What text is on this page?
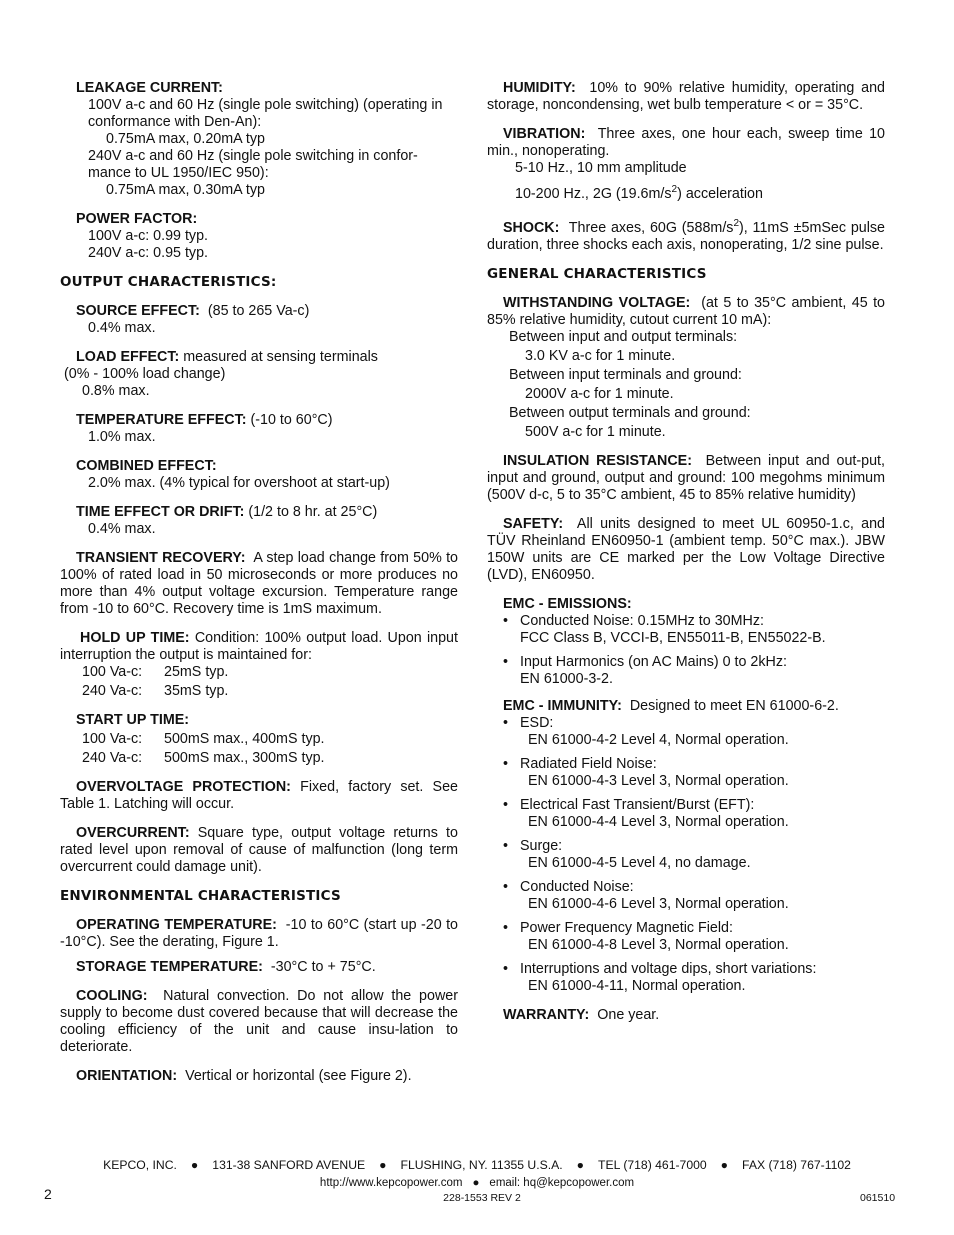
LEAKAGE CURRENT:

100V a-c and 60 Hz (single pole switching) (operating in conformance with Den-An):

0.75mA max, 0.20mA typ

240V a-c and 60 Hz (single pole switching in confor-mance to UL 1950/IEC 950):

0.75mA max, 0.30mA typ

POWER FACTOR:

100V a-c: 0.99 typ.

240V a-c: 0.95 typ.

OUTPUT CHARACTERISTICS:

SOURCE EFFECT: (85 to 265 Va-c)

0.4% max.

LOAD EFFECT: measured at sensing terminals

(0% - 100% load change)

0.8% max.

TEMPERATURE EFFECT: (-10 to 60°C)

1.0% max.

COMBINED EFFECT:

2.0% max. (4% typical for overshoot at start-up)

TIME EFFECT OR DRIFT: (1/2 to 8 hr. at 25°C)

0.4% max.

TRANSIENT RECOVERY: A step load change from 50% to 100% of rated load in 50 microseconds or more produces no more than 4% output voltage excursion. Temperature range from -10 to 60°C. Recovery time is 1mS maximum.

HOLD UP TIME: Condition: 100% output load. Upon input interruption the output is maintained for:

100 Va-c: 25mS typ.

240 Va-c: 35mS typ.

START UP TIME:

100 Va-c: 500mS max., 400mS typ.

240 Va-c: 500mS max., 300mS typ.

OVERVOLTAGE PROTECTION: Fixed, factory set. See Table 1. Latching will occur.

OVERCURRENT: Square type, output voltage returns to rated level upon removal of cause of malfunction (long term overcurrent could damage unit).

ENVIRONMENTAL CHARACTERISTICS

OPERATING TEMPERATURE: -10 to 60°C (start up -20 to -10°C). See the derating, Figure 1.

STORAGE TEMPERATURE: -30°C to + 75°C.

COOLING: Natural convection. Do not allow the power supply to become dust covered because that will decrease the cooling efficiency of the unit and cause insu-lation to deteriorate.

ORIENTATION: Vertical or horizontal (see Figure 2).

HUMIDITY: 10% to 90% relative humidity, operating and storage, noncondensing, wet bulb temperature < or = 35°C.

VIBRATION: Three axes, one hour each, sweep time 10 min., nonoperating.

5-10 Hz., 10 mm amplitude

10-200 Hz., 2G $(19.6m/s^2)$ acceleration

SHOCK: Three axes, 60G $(588m/s^2)$, 11mS ±5mSec pulse duration, three shocks each axis, nonoperating, 1/2 sine pulse.

GENERAL CHARACTERISTICS

WITHSTANDING VOLTAGE: (at 5 to 35°C ambient, 45 to 85% relative humidity, cutout current 10 mA):

Between input and output terminals:

3.0 KV a-c for 1 minute.

Between input terminals and ground:

2000V a-c for 1 minute.

Between output terminals and ground:

500V a-c for 1 minute.

INSULATION RESISTANCE: Between input and out-put, input and ground, output and ground: 100 megohms minimum (500V d-c, 5 to 35°C ambient, 45 to 85% relative humidity)

SAFETY: All units designed to meet UL 60950-1.c, and TÜV Rheinland EN60950-1 (ambient temp. 50°C max.). JBW 150W units are CE marked per the Low Voltage Directive (LVD), EN60950.

EMC - EMISSIONS:

• Conducted Noise: 0.15MHz to 30MHz:
FCC Class B, VCCI-B, EN55011-B, EN55022-B.
• Input Harmonics (on AC Mains) 0 to 2kHz:
EN 61000-3-2.

EMC - IMMUNITY: Designed to meet EN 61000-6-2.

• ESD:
EN 61000-4-2 Level 4, Normal operation.
• Radiated Field Noise:
EN 61000-4-3 Level 3, Normal operation.
• Electrical Fast Transient/Burst (EFT):
EN 61000-4-4 Level 3, Normal operation.
• Surge:
EN 61000-4-5 Level 4, no damage.
• Conducted Noise:
EN 61000-4-6 Level 3, Normal operation.
• Power Frequency Magnetic Field:
EN 61000-4-8 Level 3, Normal operation.
• Interruptions and voltage dips, short variations:
EN 61000-4-11, Normal operation.

WARRANTY: One year.

KEPCO, INC. ● 131-38 SANFORD AVENUE ● FLUSHING, NY. 11355 U.S.A. ● TEL (718) 461-7000 ● FAX (718) 767-1102
http://www.kepcopower.com ● email: hq@kepcopower.com
2	228-1553 REV 2	061510
